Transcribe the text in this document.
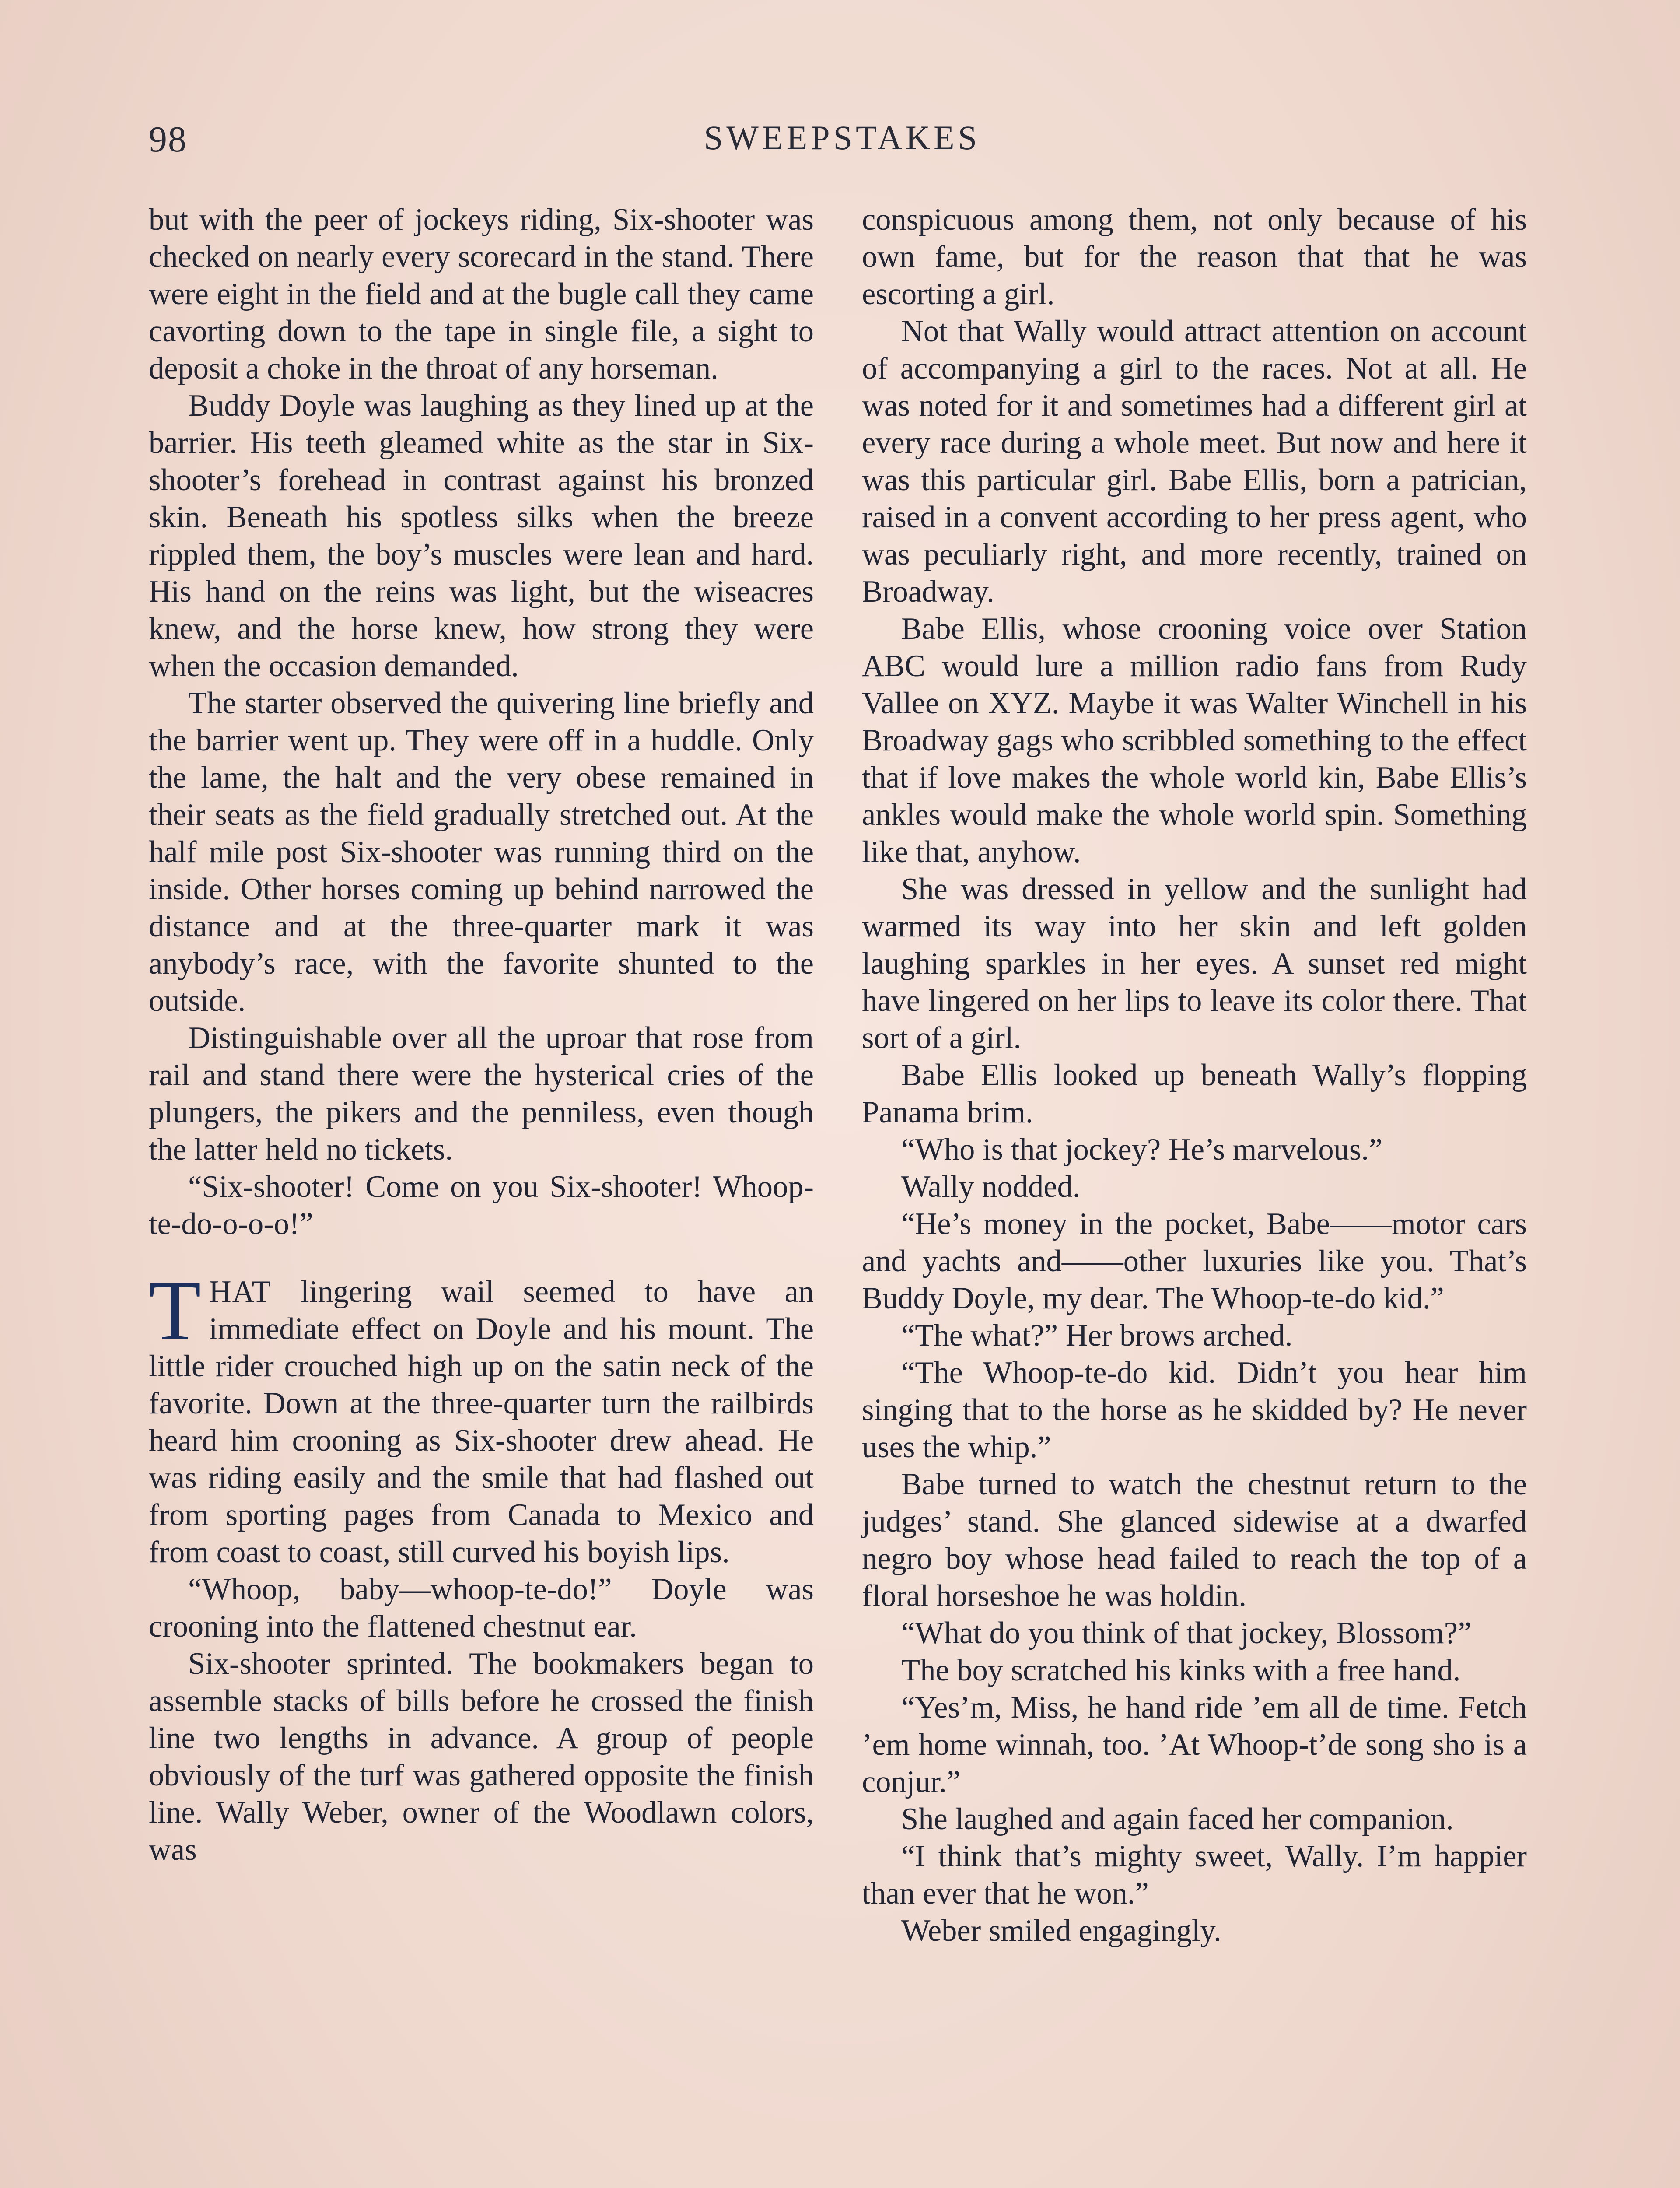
98	SWEEPSTAKES

but with the peer of jockeys riding, Six-shooter was checked on nearly every scorecard in the stand. There were eight in the field and at the bugle call they came cavorting down to the tape in single file, a sight to deposit a choke in the throat of any horseman.

Buddy Doyle was laughing as they lined up at the barrier. His teeth gleamed white as the star in Six-shooter’s forehead in contrast against his bronzed skin. Beneath his spotless silks when the breeze rippled them, the boy’s muscles were lean and hard. His hand on the reins was light, but the wiseacres knew, and the horse knew, how strong they were when the occasion demanded.

The starter observed the quivering line briefly and the barrier went up. They were off in a huddle. Only the lame, the halt and the very obese remained in their seats as the field gradually stretched out. At the half mile post Six-shooter was running third on the inside. Other horses coming up behind narrowed the distance and at the three-quarter mark it was anybody’s race, with the favorite shunted to the outside.

Distinguishable over all the uproar that rose from rail and stand there were the hysterical cries of the plungers, the pikers and the penniless, even though the latter held no tickets.

“Six-shooter! Come on you Six-shooter! Whoop-te-do-o-o-o!”

THAT lingering wail seemed to have an immediate effect on Doyle and his mount. The little rider crouched high up on the satin neck of the favorite. Down at the three-quarter turn the railbirds heard him crooning as Six-shooter drew ahead. He was riding easily and the smile that had flashed out from sporting pages from Canada to Mexico and from coast to coast, still curved his boyish lips.

“Whoop, baby—whoop-te-do!” Doyle was crooning into the flattened chestnut ear.

Six-shooter sprinted. The bookmakers began to assemble stacks of bills before he crossed the finish line two lengths in advance. A group of people obviously of the turf was gathered opposite the finish line. Wally Weber, owner of the Woodlawn colors, was

conspicuous among them, not only because of his own fame, but for the reason that that he was escorting a girl.

Not that Wally would attract attention on account of accompanying a girl to the races. Not at all. He was noted for it and sometimes had a different girl at every race during a whole meet. But now and here it was this particular girl. Babe Ellis, born a patrician, raised in a convent according to her press agent, who was peculiarly right, and more recently, trained on Broadway.

Babe Ellis, whose crooning voice over Station ABC would lure a million radio fans from Rudy Vallee on XYZ. Maybe it was Walter Winchell in his Broadway gags who scribbled something to the effect that if love makes the whole world kin, Babe Ellis’s ankles would make the whole world spin. Something like that, anyhow.

She was dressed in yellow and the sunlight had warmed its way into her skin and left golden laughing sparkles in her eyes. A sunset red might have lingered on her lips to leave its color there. That sort of a girl.

Babe Ellis looked up beneath Wally’s flopping Panama brim.

“Who is that jockey? He’s marvelous.”

Wally nodded.

“He’s money in the pocket, Babe——motor cars and yachts and——other luxuries like you. That’s Buddy Doyle, my dear. The Whoop-te-do kid.”

“The what?” Her brows arched.

“The Whoop-te-do kid. Didn’t you hear him singing that to the horse as he skidded by? He never uses the whip.”

Babe turned to watch the chestnut return to the judges’ stand. She glanced sidewise at a dwarfed negro boy whose head failed to reach the top of a floral horseshoe he was holdin.

“What do you think of that jockey, Blossom?”

The boy scratched his kinks with a free hand.

“Yes’m, Miss, he hand ride ’em all de time. Fetch ’em home winnah, too. ’At Whoop-t’de song sho is a conjur.”

She laughed and again faced her companion.

“I think that’s mighty sweet, Wally. I’m happier than ever that he won.”

Weber smiled engagingly.
